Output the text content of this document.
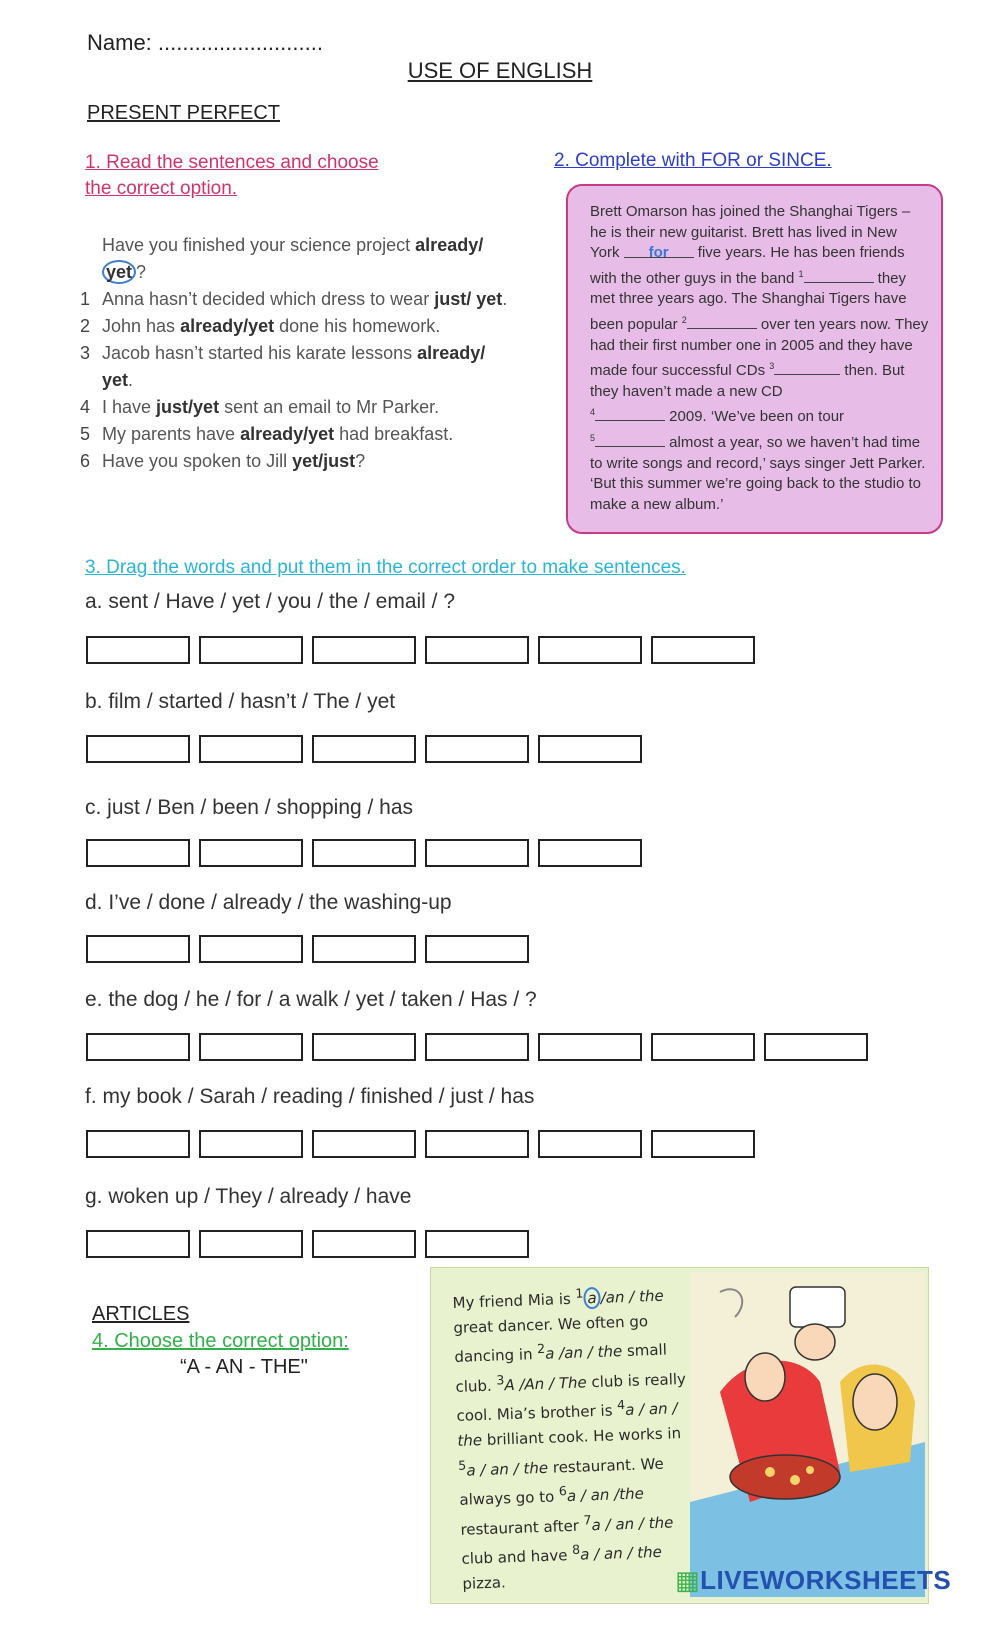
Name: ...........................
USE OF ENGLISH
PRESENT PERFECT
1. Read the sentences and choose
the correct option.
Have you finished your science project already/
yet ?
1 Anna hasn’t decided which dress to wear just/ yet.
2 John has already/yet done his homework.
3 Jacob hasn’t started his karate lessons already/ yet.
4 I have just/yet sent an email to Mr Parker.
5 My parents have already/yet had breakfast.
6 Have you spoken to Jill yet/just?
2. Complete with FOR or SINCE.
Brett Omarson has joined the Shanghai Tigers – he is their new guitarist. Brett has lived in New York for five years. He has been friends with the other guys in the band $^1$	they met three years ago. The Shanghai Tigers have been popular $^2$	over ten years now. They had their first number one in 2005 and they have made four successful CDs $^3$	then. But they haven’t made a new CD
$^4$	2009. ‘We’ve been on tour
$^5$	almost a year, so we haven’t had time to write songs and record,’ says singer Jett Parker. ‘But this summer we’re going back to the studio to make a new album.’
3. Drag the words and put them in the correct order to make sentences.
a. sent / Have / yet / you / the / email / ?
b. film / started / hasn’t / The / yet
c. just / Ben / been / shopping / has
d. I’ve / done / already / the washing-up
e. the dog / he / for / a walk / yet / taken / Has / ?
f. my book / Sarah / reading / finished / just / has
g. woken up / They / already / have
ARTICLES
4. Choose the correct option:
“A - AN - THE"
My friend Mia is $^1$ a /an / the great dancer. We often go dancing in $^2$a /an / the small club. $^3$A /An / The club is really cool. Mia’s brother is $^4$a / an / the brilliant cook. He works in $^5$a / an / the restaurant. We always go to $^6$a / an /the restaurant after $^7$a / an / the club and have $^8$a / an / the pizza.	▦LIVEWORKSHEETS
